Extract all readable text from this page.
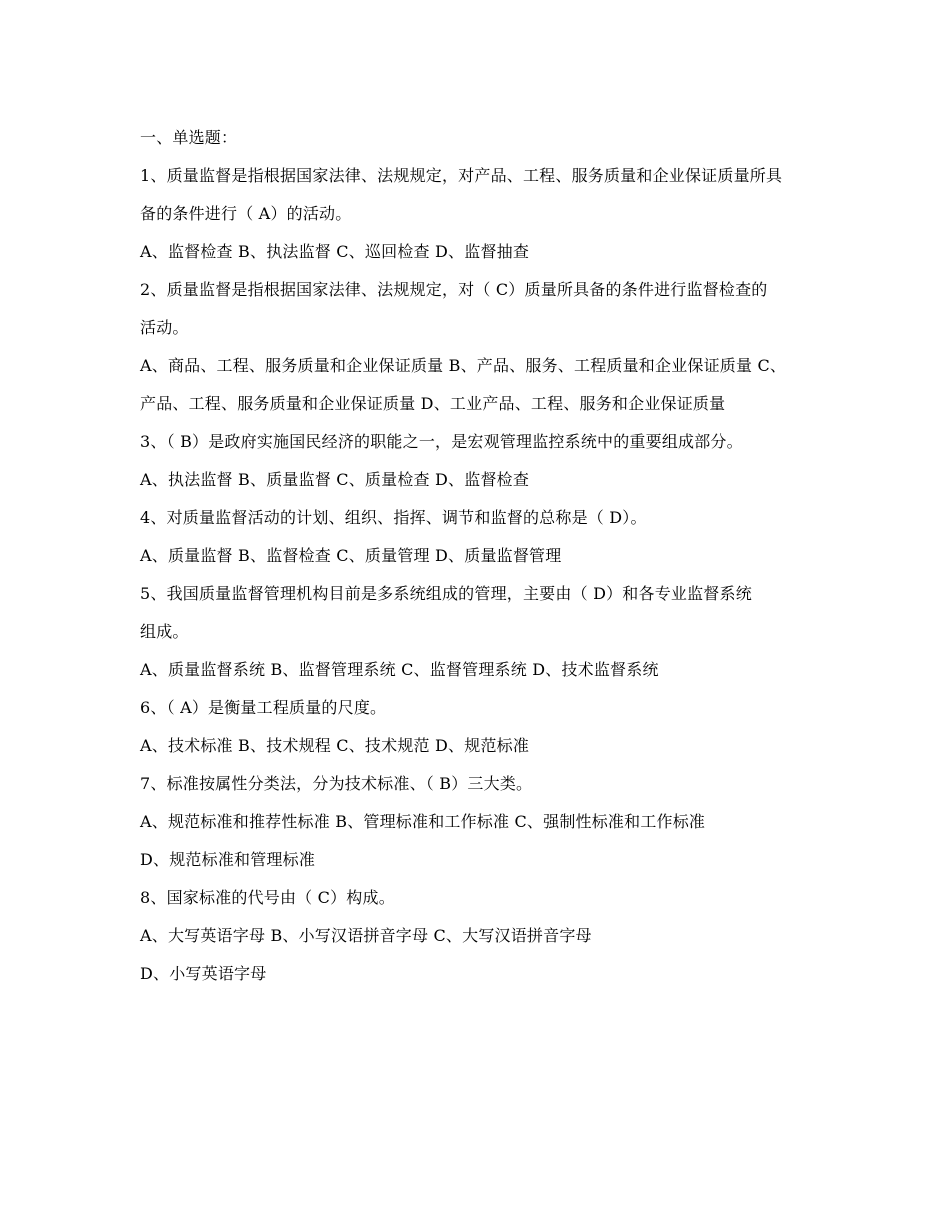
一、单选题：

1、质量监督是指根据国家法律、法规规定，对产品、工程、服务质量和企业保证质量所具

备的条件进行（ A）的活动。

A、监督检查 B、执法监督 C、巡回检查 D、监督抽查

2、质量监督是指根据国家法律、法规规定，对（ C）质量所具备的条件进行监督检查的

活动。

A、商品、工程、服务质量和企业保证质量 B、产品、服务、工程质量和企业保证质量 C、

产品、工程、服务质量和企业保证质量 D、工业产品、工程、服务和企业保证质量

3、（ B）是政府实施国民经济的职能之一，是宏观管理监控系统中的重要组成部分。

A、执法监督 B、质量监督 C、质量检查 D、监督检查

4、对质量监督活动的计划、组织、指挥、调节和监督的总称是（ D）。

A、质量监督 B、监督检查 C、质量管理 D、质量监督管理

5、我国质量监督管理机构目前是多系统组成的管理，主要由（ D）和各专业监督系统

组成。

A、质量监督系统 B、监督管理系统 C、监督管理系统 D、技术监督系统

6、（ A）是衡量工程质量的尺度。

A、技术标准 B、技术规程 C、技术规范 D、规范标准

7、标准按属性分类法，分为技术标准、（ B）三大类。

A、规范标准和推荐性标准 B、管理标准和工作标准 C、强制性标准和工作标准

D、规范标准和管理标准

8、国家标准的代号由（ C）构成。

A、大写英语字母 B、小写汉语拼音字母 C、大写汉语拼音字母

D、小写英语字母
